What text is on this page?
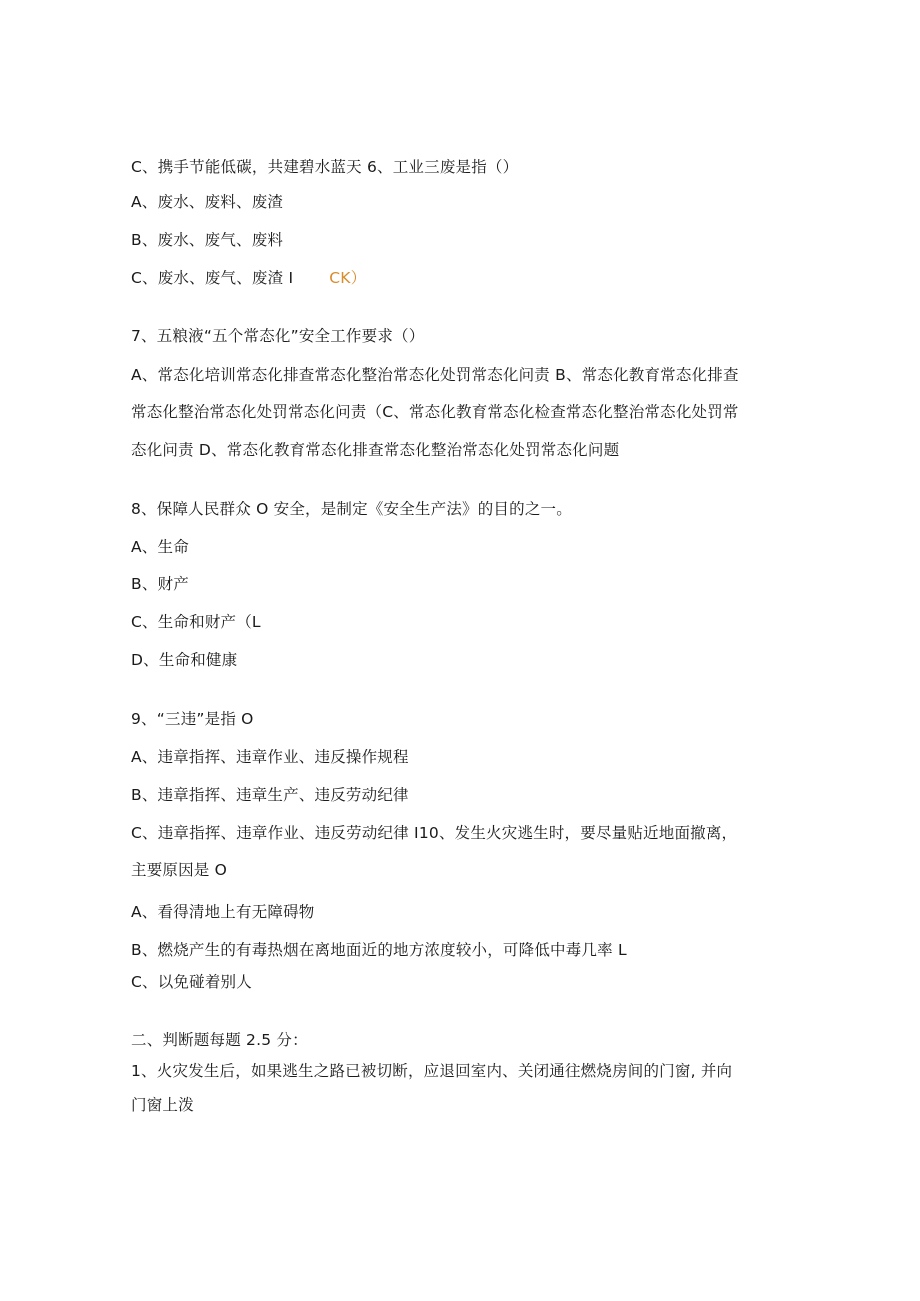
C、携手节能低碳，共建碧水蓝天 6、工业三废是指（）
A、废水、废料、废渣
B、废水、废气、废料
C、废水、废气、废渣 I CK）
7、五粮液“五个常态化”安全工作要求（）
A、常态化培训常态化排查常态化整治常态化处罚常态化问责 B、常态化教育常态化排查
常态化整治常态化处罚常态化问责（C、常态化教育常态化检查常态化整治常态化处罚常
态化问责 D、常态化教育常态化排查常态化整治常态化处罚常态化问题
8、保障人民群众 O 安全，是制定《安全生产法》的目的之一。
A、生命
B、财产
C、生命和财产（L
D、生命和健康
9、“三违”是指 O
A、违章指挥、违章作业、违反操作规程
B、违章指挥、违章生产、违反劳动纪律
C、违章指挥、违章作业、违反劳动纪律 I10、发生火灾逃生时，要尽量贴近地面撤离，
主要原因是 O
A、看得清地上有无障碍物
B、燃烧产生的有毒热烟在离地面近的地方浓度较小，可降低中毒几率 L
C、以免碰着别人
二、判断题每题 2.5 分：
1、火灾发生后，如果逃生之路已被切断，应退回室内、关闭通往燃烧房间的门窗, 并向
门窗上泼
